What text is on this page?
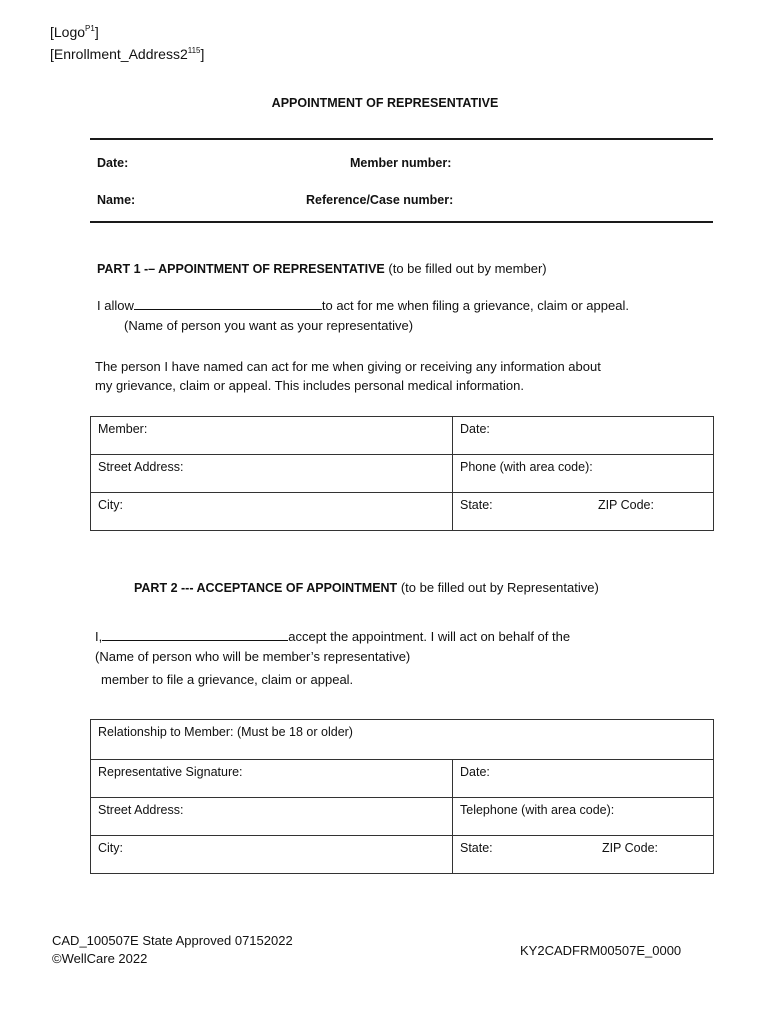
[Logo$^{P1}$]
$[Enrollment\_Address2^{115}]$
APPOINTMENT OF REPRESENTATIVE
Date:	Member number:
Name:	Reference/Case number:
PART 1 -– APPOINTMENT OF REPRESENTATIVE (to be filled out by member)
I allow	to act for me when filing a grievance, claim or appeal.
(Name of person you want as your representative)
The person I have named can act for me when giving or receiving any information about
my grievance, claim or appeal. This includes personal medical information.
Member:	Date:
Street Address:	Phone (with area code):
City:	State: ZIP Code:
PART 2 --- ACCEPTANCE OF APPOINTMENT (to be filled out by Representative)
I,	accept the appointment. I will act on behalf of the
(Name of person who will be member’s representative)
member to file a grievance, claim or appeal.
Relationship to Member: (Must be 18 or older)	
Representative Signature:	Date:
Street Address:	Telephone (with area code):
City:	State: ZIP Code:
CAD_100507E State Approved 07152022
©WellCare 2022
KY2CADFRM00507E_0000
